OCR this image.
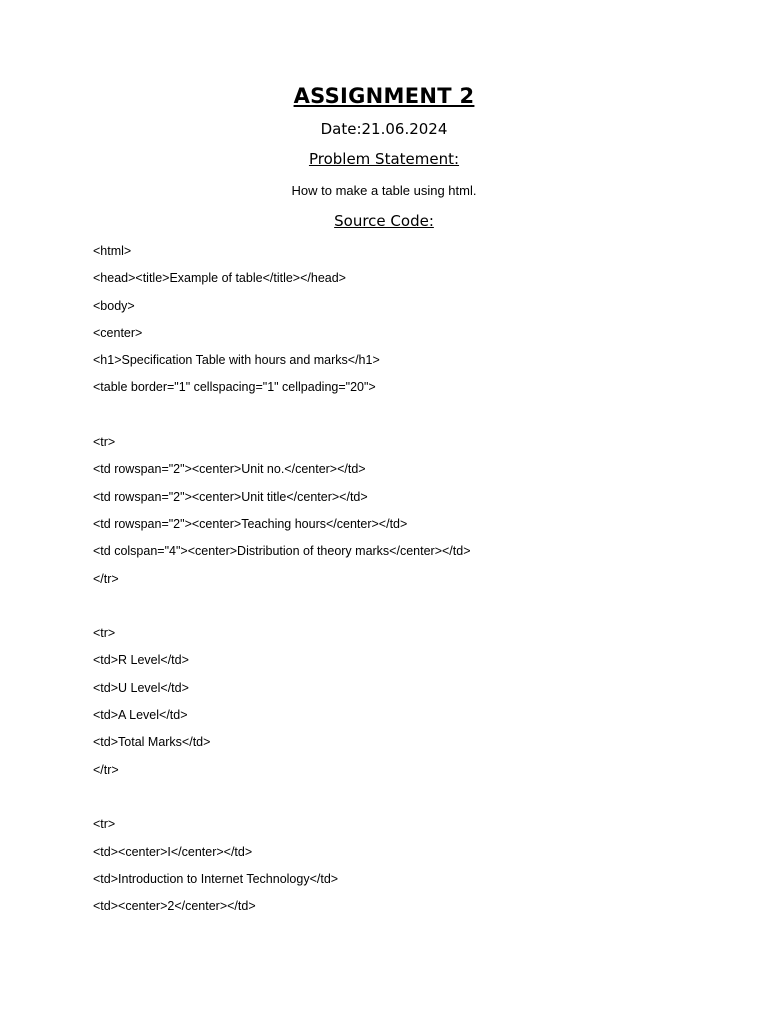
ASSIGNMENT 2
Date:21.06.2024
Problem Statement:
How to make a table using html.
Source Code:
<html>
<head><title>Example of table</title></head>
<body>
<center>
<h1>Specification Table with hours and marks</h1>
<table border="1" cellspacing="1" cellpading="20">
<tr>
<td rowspan="2"><center>Unit no.</center></td>
<td rowspan="2"><center>Unit title</center></td>
<td rowspan="2"><center>Teaching hours</center></td>
<td colspan="4"><center>Distribution of theory marks</center></td>
</tr>
<tr>
<td>R Level</td>
<td>U Level</td>
<td>A Level</td>
<td>Total Marks</td>
</tr>
<tr>
<td><center>I</center></td>
<td>Introduction to Internet Technology</td>
<td><center>2</center></td>
